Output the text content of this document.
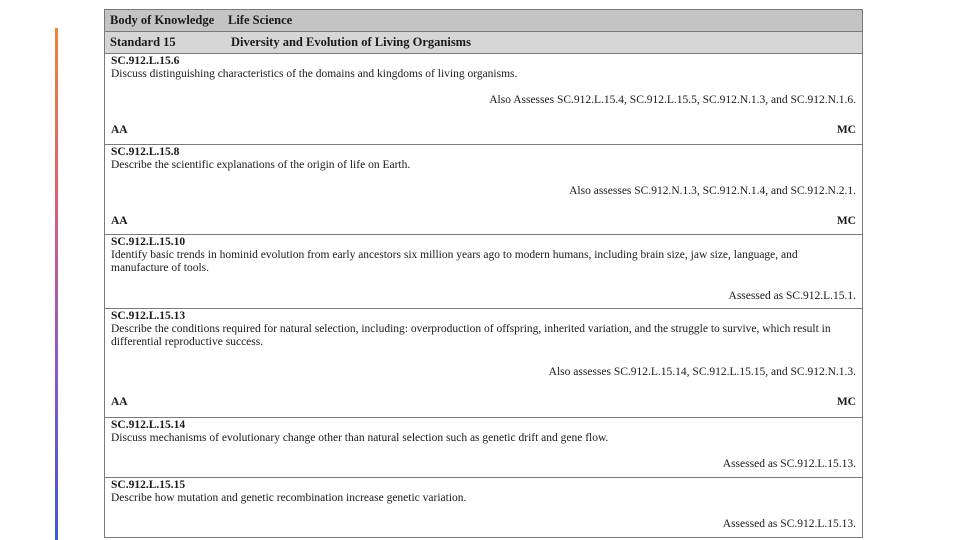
Body of Knowledge	Life Science
Standard 15	Diversity and Evolution of Living Organisms
SC.912.L.15.6
Discuss distinguishing characteristics of the domains and kingdoms of living organisms.
Also Assesses SC.912.L.15.4, SC.912.L.15.5, SC.912.N.1.3, and SC.912.N.1.6.
AA	MC
SC.912.L.15.8
Describe the scientific explanations of the origin of life on Earth.
Also assesses SC.912.N.1.3, SC.912.N.1.4, and SC.912.N.2.1.
AA	MC
SC.912.L.15.10
Identify basic trends in hominid evolution from early ancestors six million years ago to modern humans, including brain size, jaw size, language, and manufacture of tools.
Assessed as SC.912.L.15.1.
SC.912.L.15.13
Describe the conditions required for natural selection, including: overproduction of offspring, inherited variation, and the struggle to survive, which result in differential reproductive success.
Also assesses SC.912.L.15.14, SC.912.L.15.15, and SC.912.N.1.3.
AA	MC
SC.912.L.15.14
Discuss mechanisms of evolutionary change other than natural selection such as genetic drift and gene flow.
Assessed as SC.912.L.15.13.
SC.912.L.15.15
Describe how mutation and genetic recombination increase genetic variation.
Assessed as SC.912.L.15.13.
